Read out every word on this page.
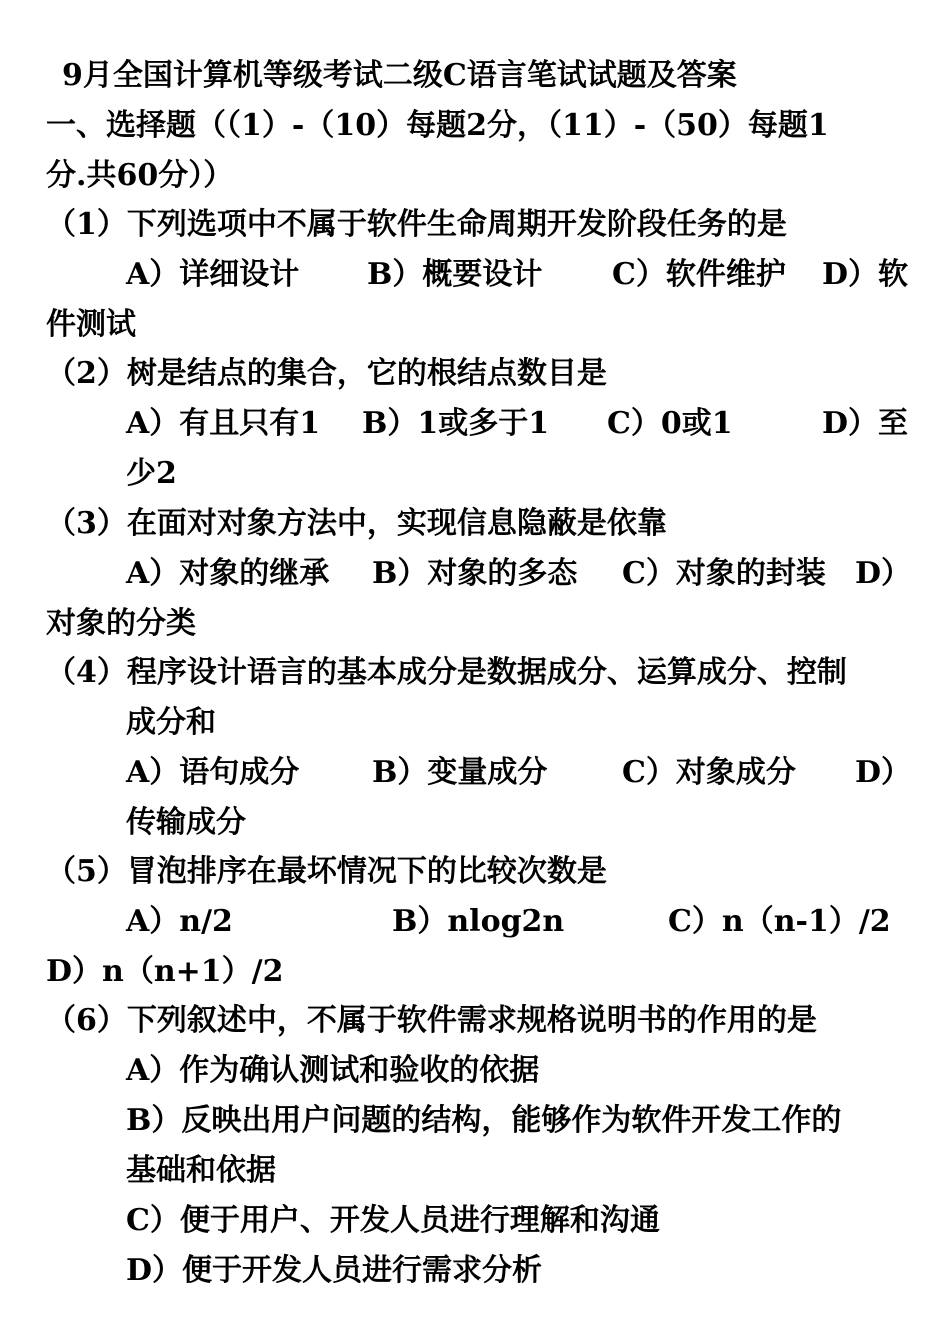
9月全国计算机等级考试二级C语言笔试试题及答案
一、选择题（（1）-（10）每题2分，（11）-（50）每题1
分.共60分））
（1）下列选项中不属于软件生命周期开发阶段任务的是
A）详细设计 B）概要设计 C）软件维护 D）软
件测试
（2）树是结点的集合，它的根结点数目是
A）有且只有1 B）1或多于1 C）0或1	D）至
少2
（3）在面对对象方法中，实现信息隐蔽是依靠
A）对象的继承 B）对象的多态 C）对象的封装 D）
对象的分类
（4）程序设计语言的基本成分是数据成分、运算成分、控制
成分和
A）语句成分 B）变量成分 C）对象成分 D）
传输成分
（5）冒泡排序在最坏情况下的比较次数是
A）n/2	B）nlog2n	C）n（n-1）/2
D）n（n+1）/2
（6）下列叙述中，不属于软件需求规格说明书的作用的是
A）作为确认测试和验收的依据
B）反映出用户问题的结构，能够作为软件开发工作的
基础和依据
C）便于用户、开发人员进行理解和沟通
D）便于开发人员进行需求分析
